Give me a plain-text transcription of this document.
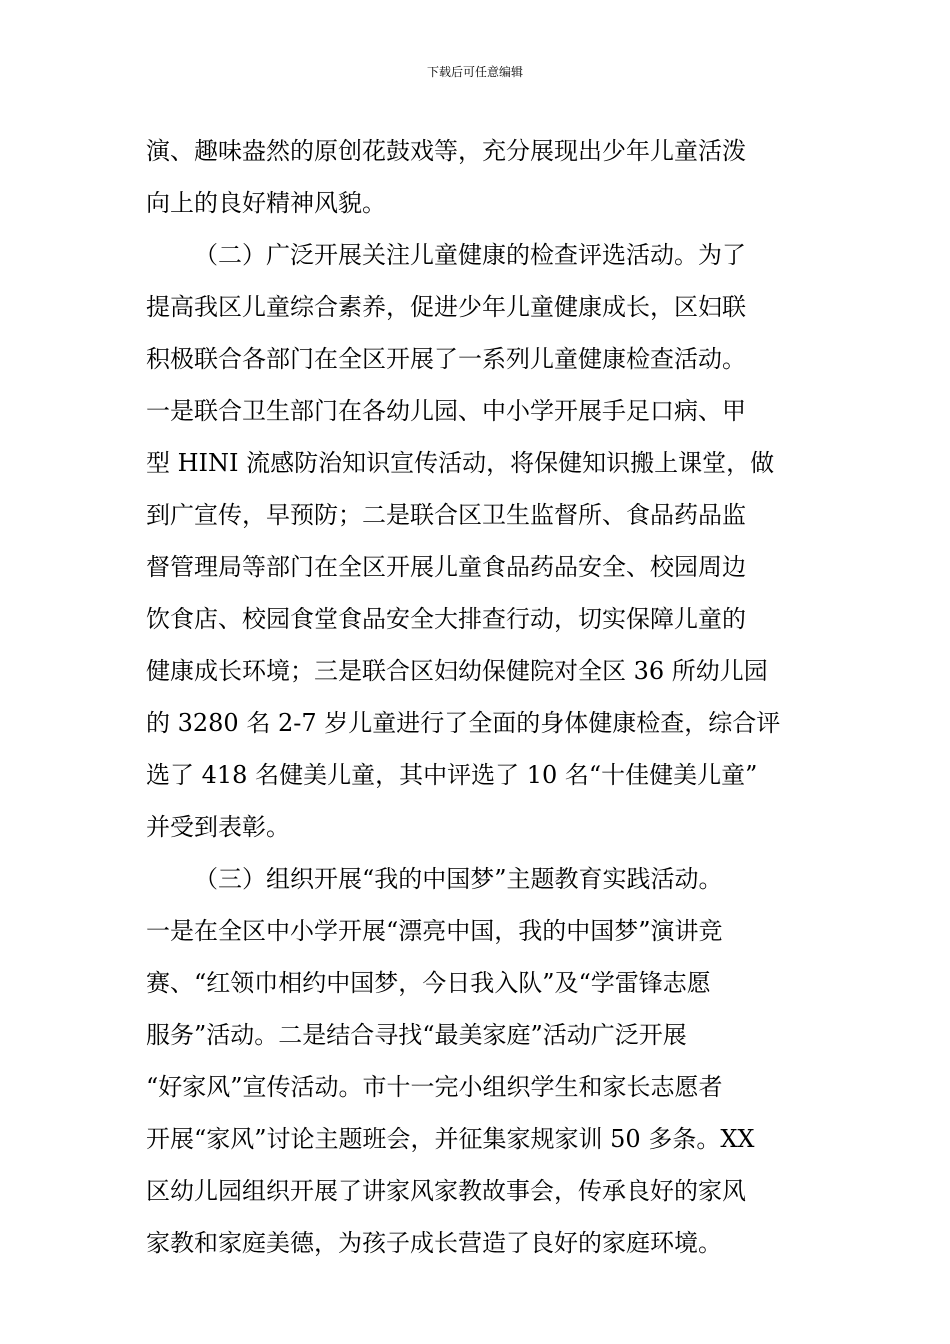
下载后可任意编辑
演、趣味盎然的原创花鼓戏等，充分展现出少年儿童活泼
向上的良好精神风貌。
（二）广泛开展关注儿童健康的检查评选活动。为了
提高我区儿童综合素养，促进少年儿童健康成长，区妇联
积极联合各部门在全区开展了一系列儿童健康检查活动。
一是联合卫生部门在各幼儿园、中小学开展手足口病、甲
型 HINI 流感防治知识宣传活动，将保健知识搬上课堂，做
到广宣传，早预防；二是联合区卫生监督所、食品药品监
督管理局等部门在全区开展儿童食品药品安全、校园周边
饮食店、校园食堂食品安全大排查行动，切实保障儿童的
健康成长环境；三是联合区妇幼保健院对全区 36 所幼儿园
的 3280 名 2-7 岁儿童进行了全面的身体健康检查，综合评
选了 418 名健美儿童，其中评选了 10 名“十佳健美儿童”
并受到表彰。
（三）组织开展“我的中国梦”主题教育实践活动。
一是在全区中小学开展“漂亮中国，我的中国梦”演讲竞
赛、“红领巾相约中国梦，今日我入队”及“学雷锋志愿
服务”活动。二是结合寻找“最美家庭”活动广泛开展
“好家风”宣传活动。市十一完小组织学生和家长志愿者
开展“家风”讨论主题班会，并征集家规家训 50 多条。XX
区幼儿园组织开展了讲家风家教故事会，传承良好的家风
家教和家庭美德，为孩子成长营造了良好的家庭环境。
